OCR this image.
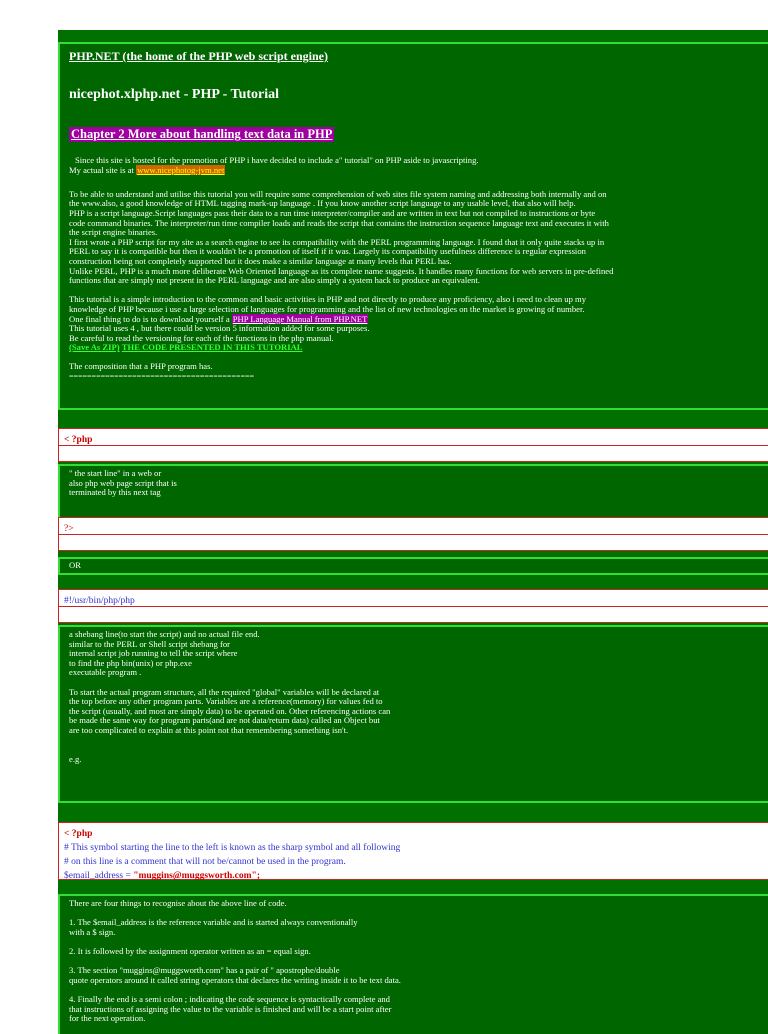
PHP.NET (the home of the PHP web script engine)
nicephot.xlphp.net - PHP - Tutorial
Chapter 2 More about handling text data in PHP

Since this site is hosted for the promotion of PHP i have decided to include a" tutorial" on PHP aside to javascripting.

My actual site is at www.nicephotog-jvm.net

To be able to understand and utilise this tutorial you will require some comprehension of web sites file system naming and addressing both internally and on

the www.also, a good knowledge of HTML tagging mark-up language . If you know another script language to any usable level, that also will help.

PHP is a script language.Script languages pass their data to a run time interpreter/compiler and are written in text but not compiled to instructions or byte

code command binaries. The interpreter/run time compiler loads and reads the script that contains the instruction sequence language text and executes it with

the script engine binaries.

I first wrote a PHP script for my site as a search engine to see its compatibility with the PERL programming language. I found that it only quite stacks up in

PERL to say it is compatible but then it wouldn't be a promotion of itself if it was. Largely its compatibility usefulness difference is regular expression

construction being not completely supported but it does make a similar language at many levels that PERL has.

Unlike PERL, PHP is a much more deliberate Web Oriented language as its complete name suggests. It handles many functions for web servers in pre-defined

functions that are simply not present in the PERL language and are also simply a system hack to produce an equivalent.

This tutorial is a simple introduction to the common and basic activities in PHP and not directly to produce any proficiency, also i need to clean up my

knowledge of PHP because i use a large selection of languages for programming and the list of new technologies on the market is growing of number.

One final thing to do is to download yourself a PHP Language Manual from PHP.NET

This tutorial uses 4 , but there could be version 5 information added for some purposes.

Be careful to read the versioning for each of the functions in the php manual.

(Save As ZIP) THE CODE PRESENTED IN THIS TUTORIAL

The composition that a PHP program has.

=========================================

< ?php

" the start line" in a web or

also php web page script that is

terminated by this next tag

?>

OR

#!/usr/bin/php/php

a shebang line(to start the script) and no actual file end.

similar to the PERL or Shell script shebang for

internal script job running to tell the script where

to find the php bin(unix) or php.exe

executable program .

To start the actual program structure, all the required "global" variables will be declared at

the top before any other program parts. Variables are a reference(memory) for values fed to

the script (usually, and most are simply data) to be operated on. Other referencing actions can

be made the same way for program parts(and are not data/return data) called an Object but

are too complicated to explain at this point not that remembering something isn't.

e.g.

< ?php
# This symbol starting the line to the left is known as the sharp symbol and all following
# on this line is a comment that will not be/cannot be used in the program.
$email_address = "muggins@muggsworth.com";

There are four things to recognise about the above line of code.

1. The $email_address is the reference variable and is started always conventionally

with a $ sign.

2. It is followed by the assignment operator written as an = equal sign.

3. The section "muggins@muggsworth.com" has a pair of " apostrophe/double

quote operators around it called string operators that declares the writing inside it to be text data.

4. Finally the end is a semi colon ; indicating the code sequence is syntactically complete and

that instructions of assigning the value to the variable is finished and will be a start point after

for the next operation.
